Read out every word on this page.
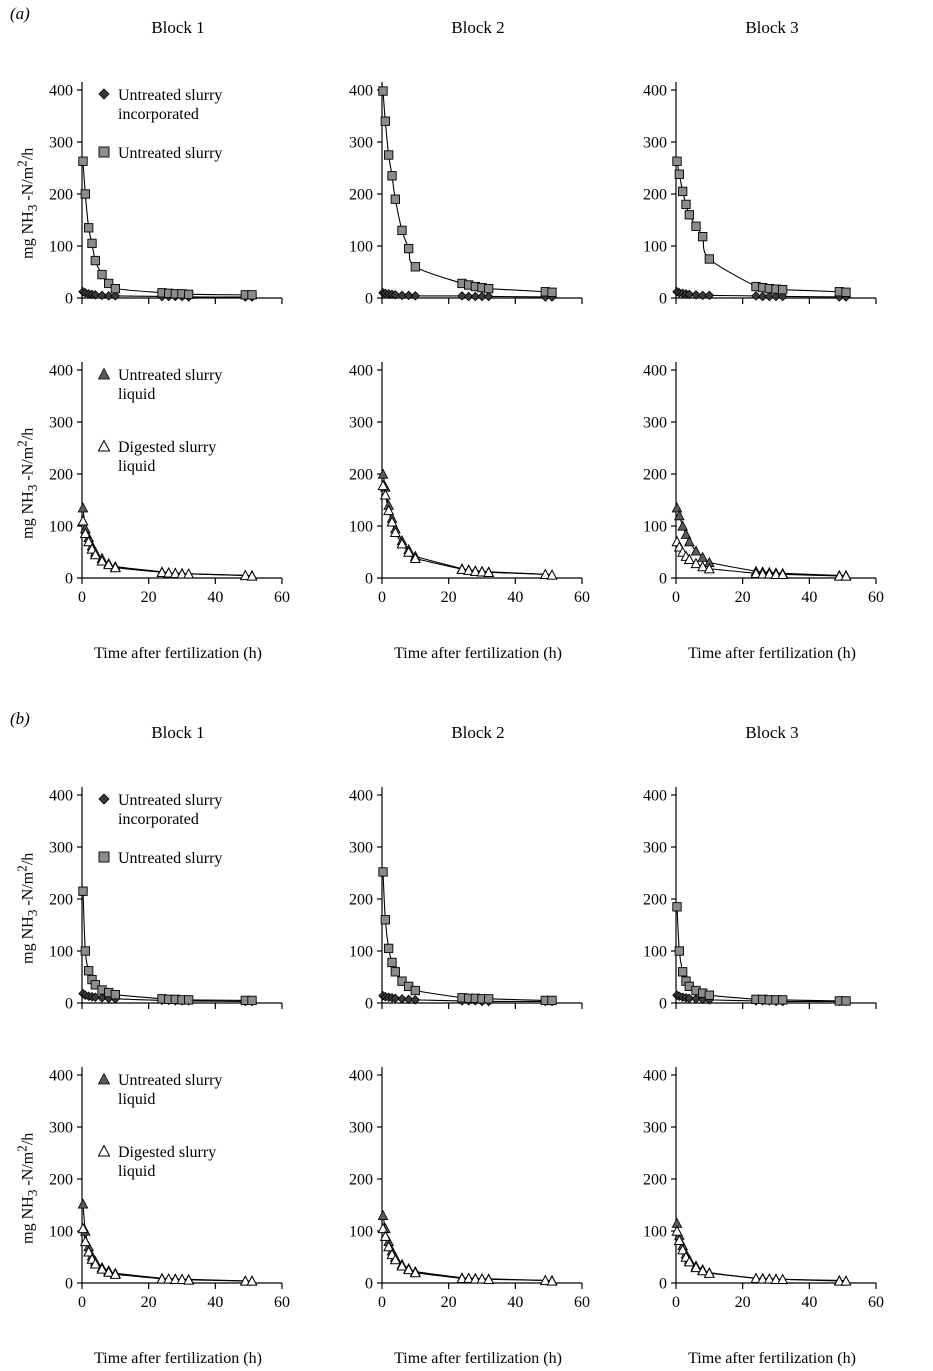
(a)
(b)
Block 1	Block 2	Block 3
Block 1	Block 2	Block 3
Time after fertilization (h)	Time after fertilization (h)	Time after fertilization (h)
Time after fertilization (h)	Time after fertilization (h)	Time after fertilization (h)
mg $NH_3$ $-N/m^2/h$
mg $NH_3$ $-N/m^2/h$
mg $NH_3$ $-N/m^2/h$
mg $NH_3$ $-N/m^2/h$
0
100
200
300
400	Untreated slurry
incorporated
Untreated slurry
0
100
200
300
400
0
100
200
300
400
0
100
200
300
400
0	20	40	60
Untreated slurry
liquid
Digested slurry
liquid
0
100
200
300
400
0	20	40	60
0
100
200
300
400
0	20	40	60
0
100
200
300
400	Untreated slurry
incorporated
Untreated slurry
0
100
200
300
400
0
100
200
300
400
0
100
200
300
400
0	20	40	60
Untreated slurry
liquid
Digested slurry
liquid
0
100
200
300
400
0	20	40	60
0
100
200
300
400
0	20	40	60
